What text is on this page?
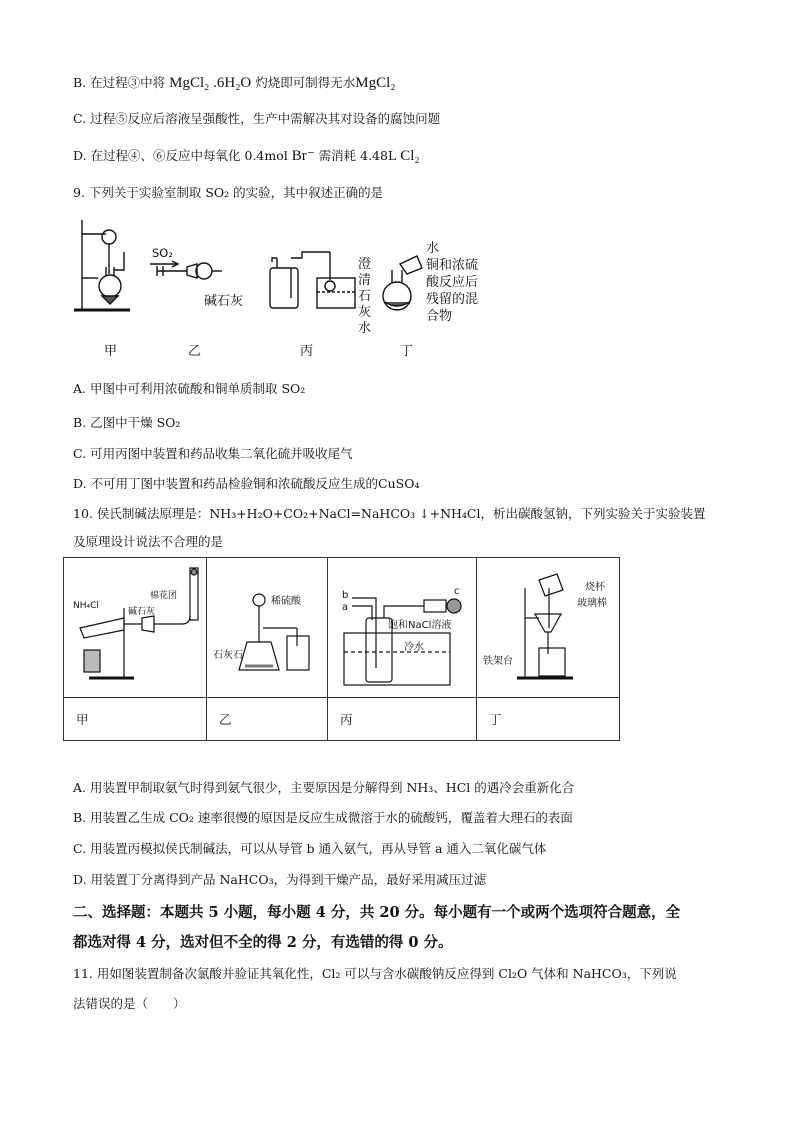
B. 在过程③中将 MgCl₂ .6H₂O 灼烧即可制得无水MgCl₂
C. 过程⑤反应后溶液呈强酸性，生产中需解决其对设备的腐蚀问题
D. 在过程④、⑥反应中每氧化 0.4mol Br⁻ 需消耗 4.48L Cl₂
9. 下列关于实验室制取 SO₂ 的实验，其中叙述正确的是
SO₂
碱石灰
澄
清
石
灰
水
水
铜和浓硫
酸反应后
残留的混
合物
甲	乙	丙	丁
A. 甲图中可利用浓硫酸和铜单质制取 SO₂
B. 乙图中干燥 SO₂
C. 可用丙图中装置和药品收集二氧化硫并吸收尾气
D. 不可用丁图中装置和药品检验铜和浓硫酸反应生成的CuSO₄
10. 侯氏制碱法原理是：NH₃+H₂O+CO₂+NaCl=NaHCO₃ ↓+NH₄Cl，析出碳酸氢钠，下列实验关于实验装置
及原理设计说法不合理的是
NH₄Cl
碱石灰
棉花团	稀硫酸
石灰石	b
a
c
饱和NaCl溶液
冷水	烧杯
玻璃棒
铁架台

甲	乙	丙	丁
A. 用装置甲制取氨气时得到氨气很少，主要原因是分解得到 NH₃、HCl 的遇冷会重新化合
B. 用装置乙生成 CO₂ 速率很慢的原因是反应生成微溶于水的硫酸钙，覆盖着大理石的表面
C. 用装置丙模拟侯氏制碱法，可以从导管 b 通入氨气，再从导管 a 通入二氧化碳气体
D. 用装置丁分离得到产品 NaHCO₃，为得到干燥产品，最好采用减压过滤
二、选择题：本题共 5 小题，每小题 4 分，共 20 分。每小题有一个或两个选项符合题意，全
都选对得 4 分，选对但不全的得 2 分，有选错的得 0 分。
11. 用如图装置制备次氯酸并验证其氧化性，Cl₂ 可以与含水碳酸钠反应得到 Cl₂O 气体和 NaHCO₃，下列说
法错误的是（　　）
